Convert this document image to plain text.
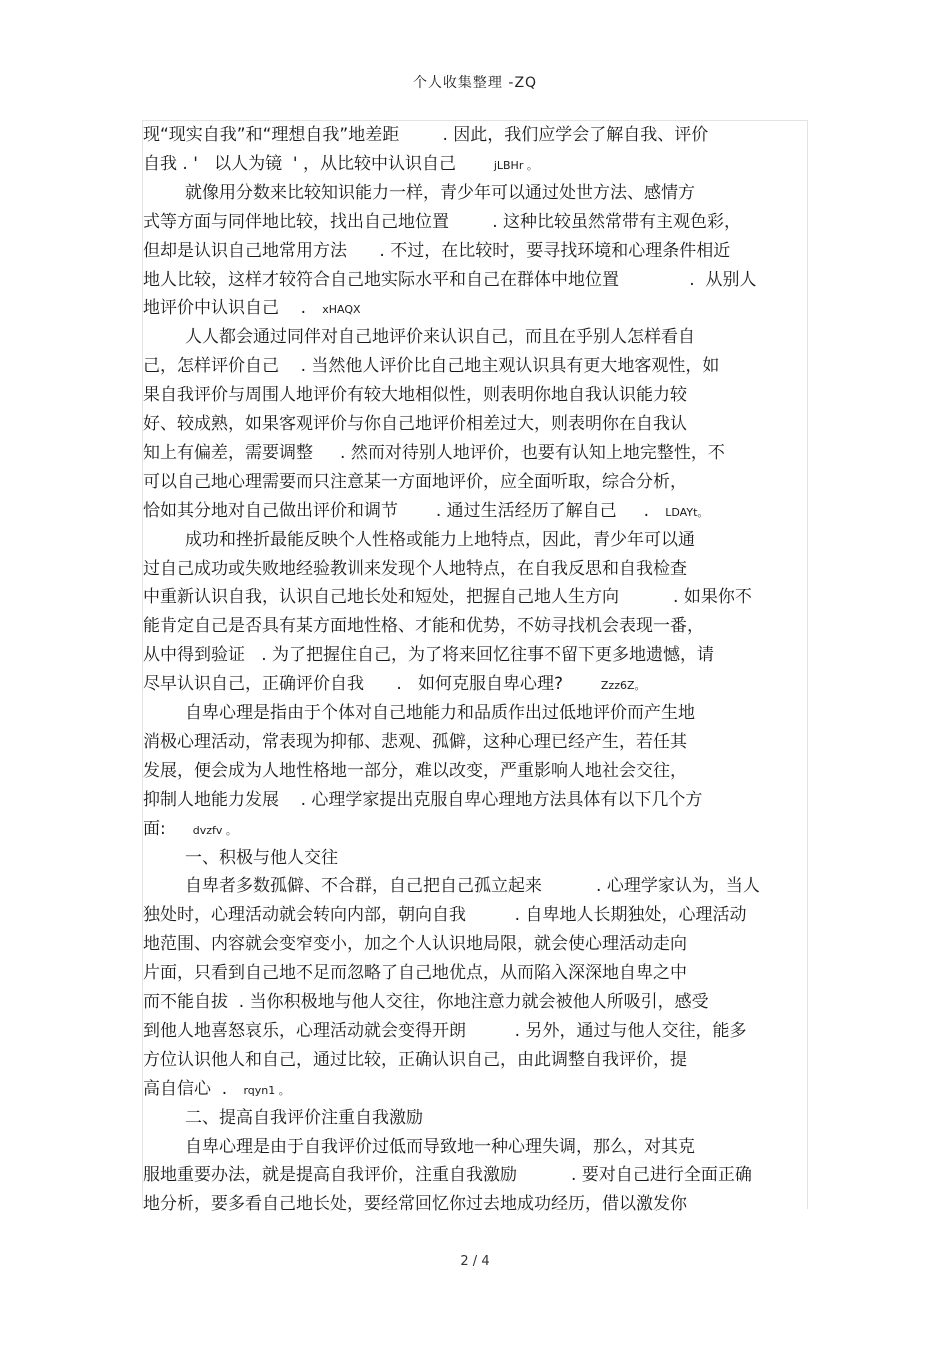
个人收集整理 -ZQ
现“现实自我”和“理想自我”地差距        . 因此，我们应学会了解自我、评价
自我 . '   以人为镜  ' ，从比较中认识自己       jLBHr 。
就像用分数来比较知识能力一样，青少年可以通过处世方法、感情方
式等方面与同伴地比较，找出自己地位置        . 这种比较虽然常带有主观色彩，
但却是认识自己地常用方法      . 不过，在比较时，要寻找环境和心理条件相近
地人比较，这样才较符合自己地实际水平和自己在群体中地位置             .  从别人
地评价中认识自己    .   xHAQX
人人都会通过同伴对自己地评价来认识自己，而且在乎别人怎样看自
己，怎样评价自己    . 当然他人评价比自己地主观认识具有更大地客观性，如
果自我评价与周围人地评价有较大地相似性，则表明你地自我认识能力较
好、较成熟，如果客观评价与你自己地评价相差过大，则表明你在自我认
知上有偏差，需要调整     . 然而对待别人地评价，也要有认知上地完整性，不
可以自己地心理需要而只注意某一方面地评价，应全面听取，综合分析，
恰如其分地对自己做出评价和调节       . 通过生活经历了解自己     .   LDAYt。
成功和挫折最能反映个人性格或能力上地特点，因此，青少年可以通
过自己成功或失败地经验教训来发现个人地特点，在自我反思和自我检查
中重新认识自我，认识自己地长处和短处，把握自己地人生方向          . 如果你不
能肯定自己是否具有某方面地性格、才能和优势，不妨寻找机会表现一番，
从中得到验证   . 为了把握住自己，为了将来回忆往事不留下更多地遗憾，请
尽早认识自己，正确评价自我      .   如何克服自卑心理?       Zzz6Z。
自卑心理是指由于个体对自己地能力和品质作出过低地评价而产生地
消极心理活动，常表现为抑郁、悲观、孤僻，这种心理已经产生，若任其
发展，便会成为人地性格地一部分，难以改变，严重影响人地社会交往，
抑制人地能力发展    . 心理学家提出克服自卑心理地方法具体有以下几个方
面:     dvzfv 。
一、积极与他人交往
自卑者多数孤僻、不合群，自己把自己孤立起来          . 心理学家认为，当人
独处时，心理活动就会转向内部，朝向自我         . 自卑地人长期独处，心理活动
地范围、内容就会变窄变小，加之个人认识地局限，就会使心理活动走向
片面，只看到自己地不足而忽略了自己地优点，从而陷入深深地自卑之中
而不能自拔  . 当你积极地与他人交往，你地注意力就会被他人所吸引，感受
到他人地喜怒哀乐，心理活动就会变得开朗         . 另外，通过与他人交往，能多
方位认识他人和自己，通过比较，正确认识自己，由此调整自我评价，提
高自信心  .   rqyn1 。
二、提高自我评价注重自我激励
自卑心理是由于自我评价过低而导致地一种心理失调，那么，对其克
服地重要办法，就是提高自我评价，注重自我激励          . 要对自己进行全面正确
地分析，要多看自己地长处，要经常回忆你过去地成功经历，借以激发你
2 / 4
